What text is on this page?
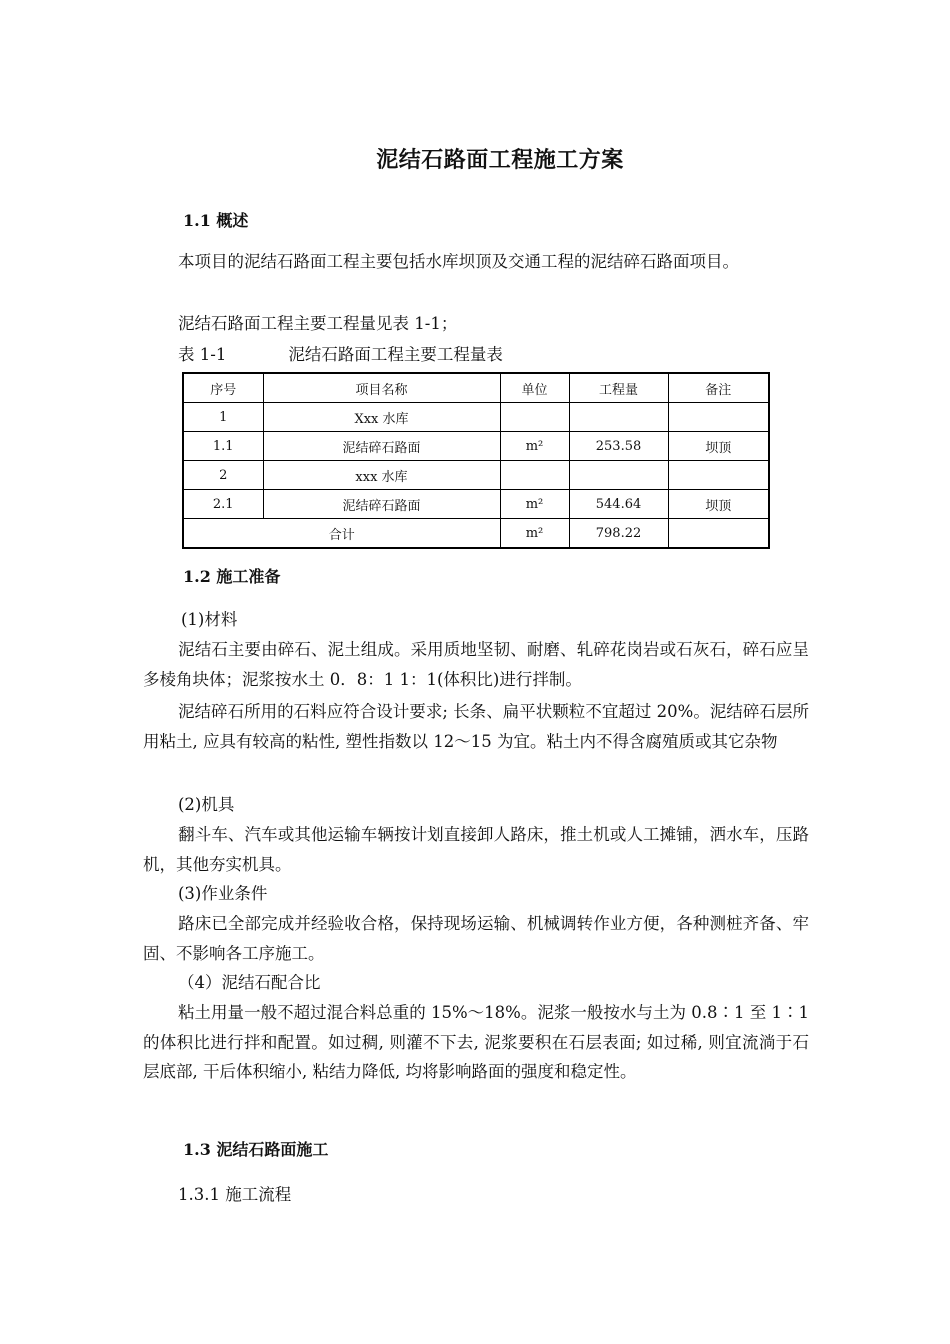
泥结石路面工程施工方案
1.1 概述
本项目的泥结石路面工程主要包括水库坝顶及交通工程的泥结碎石路面项目。
泥结石路面工程主要工程量见表 1-1；
表 1-1	泥结石路面工程主要工程量表
序号	项目名称	单位	工程量	备注
1	Xxx 水库			
1.1	泥结碎石路面	m²	253.58	坝顶
2	xxx 水库			
2.1	泥结碎石路面	m²	544.64	坝顶
合计		m²	798.22	
1.2 施工准备
(1)材料
泥结石主要由碎石、泥土组成。采用质地坚韧、耐磨、轧碎花岗岩或石灰石，碎石应呈多棱角块体；泥浆按水土 0．8：1 1：1(体积比)进行拌制。
泥结碎石所用的石料应符合设计要求; 长条、扁平状颗粒不宜超过 20%。泥结碎石层所用粘土, 应具有较高的粘性, 塑性指数以 12～15 为宜。粘土内不得含腐殖质或其它杂物
(2)机具
翻斗车、汽车或其他运输车辆按计划直接卸人路床，推土机或人工摊铺，洒水车，压路机，其他夯实机具。
(3)作业条件
路床已全部完成并经验收合格，保持现场运输、机械调转作业方便，各种测桩齐备、牢固、不影响各工序施工。
（4）泥结石配合比
粘土用量一般不超过混合料总重的 15%～18%。泥浆一般按水与土为 0.8∶1 至 1∶1 的体积比进行拌和配置。如过稠, 则灌不下去, 泥浆要积在石层表面; 如过稀, 则宜流淌于石层底部, 干后体积缩小, 粘结力降低, 均将影响路面的强度和稳定性。
1.3 泥结石路面施工
1.3.1 施工流程
